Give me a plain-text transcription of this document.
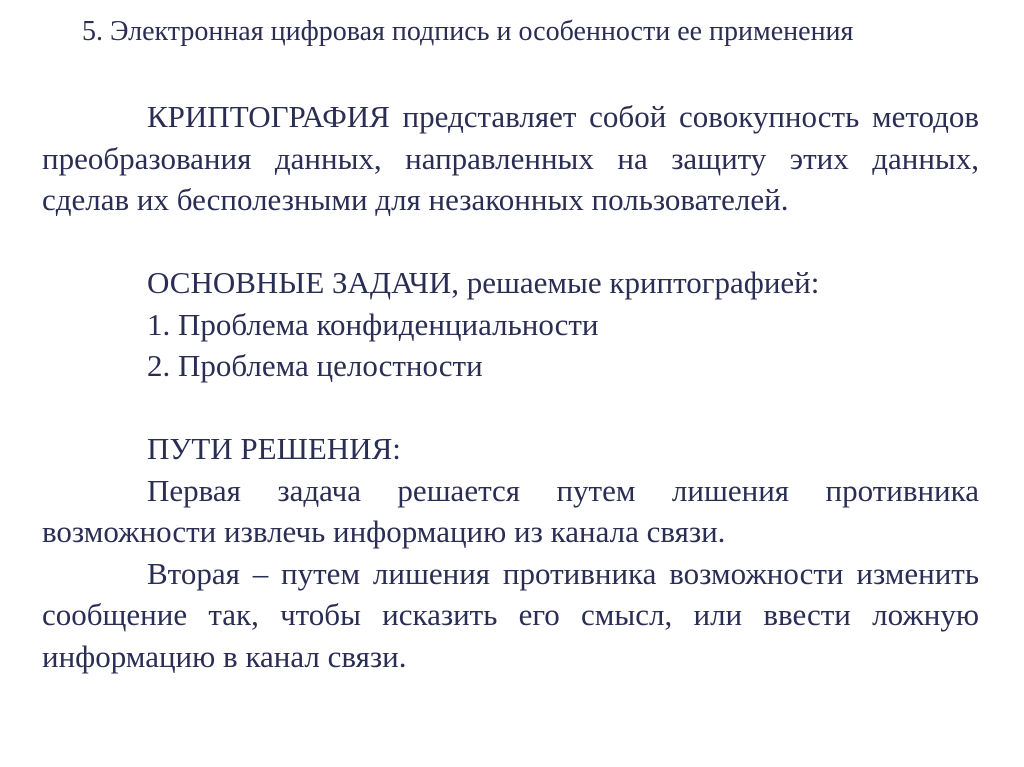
5. Электронная цифровая подпись и особенности ее применения

КРИПТОГРАФИЯ представляет собой совокупность методов преобразования данных, направленных на защиту этих данных, сделав их бесполезными для незаконных пользователей.

ОСНОВНЫЕ ЗАДАЧИ, решаемые криптографией:

1. Проблема конфиденциальности

2. Проблема целостности

ПУТИ РЕШЕНИЯ:

Первая задача решается путем лишения противника возможности извлечь информацию из канала связи.

Вторая – путем лишения противника возможности изменить сообщение так, чтобы исказить его смысл, или ввести ложную информацию в канал связи.
